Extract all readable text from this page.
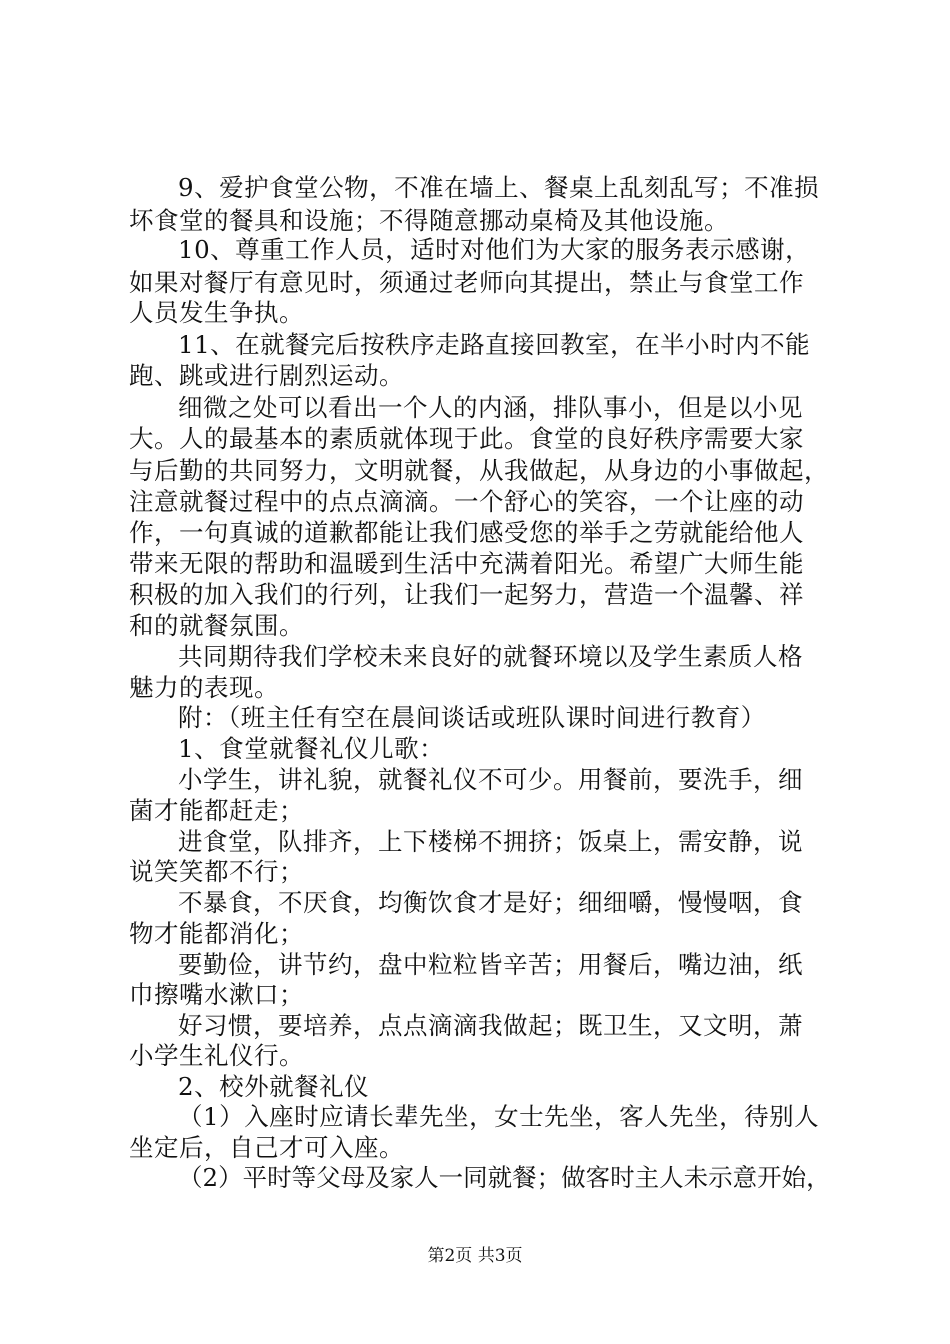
9、爱护食堂公物，不准在墙上、餐桌上乱刻乱写；不准损
坏食堂的餐具和设施；不得随意挪动桌椅及其他设施。
10、尊重工作人员，适时对他们为大家的服务表示感谢，
如果对餐厅有意见时，须通过老师向其提出，禁止与食堂工作
人员发生争执。
11、在就餐完后按秩序走路直接回教室，在半小时内不能
跑、跳或进行剧烈运动。
细微之处可以看出一个人的内涵，排队事小，但是以小见
大。人的最基本的素质就体现于此。食堂的良好秩序需要大家
与后勤的共同努力，文明就餐，从我做起，从身边的小事做起，
注意就餐过程中的点点滴滴。一个舒心的笑容，一个让座的动
作，一句真诚的道歉都能让我们感受您的举手之劳就能给他人
带来无限的帮助和温暖到生活中充满着阳光。希望广大师生能
积极的加入我们的行列，让我们一起努力，营造一个温馨、祥
和的就餐氛围。
共同期待我们学校未来良好的就餐环境以及学生素质人格
魅力的表现。
附：（班主任有空在晨间谈话或班队课时间进行教育）
1、食堂就餐礼仪儿歌：
小学生，讲礼貌，就餐礼仪不可少。用餐前，要洗手，细
菌才能都赶走；
进食堂，队排齐，上下楼梯不拥挤；饭桌上，需安静，说
说笑笑都不行；
不暴食，不厌食，均衡饮食才是好；细细嚼，慢慢咽，食
物才能都消化；
要勤俭，讲节约，盘中粒粒皆辛苦；用餐后，嘴边油，纸
巾擦嘴水漱口；
好习惯，要培养，点点滴滴我做起；既卫生，又文明，萧
小学生礼仪行。
2、校外就餐礼仪
（1）入座时应请长辈先坐，女士先坐，客人先坐，待别人
坐定后，自己才可入座。
（2）平时等父母及家人一同就餐；做客时主人未示意开始，
第2页 共3页
